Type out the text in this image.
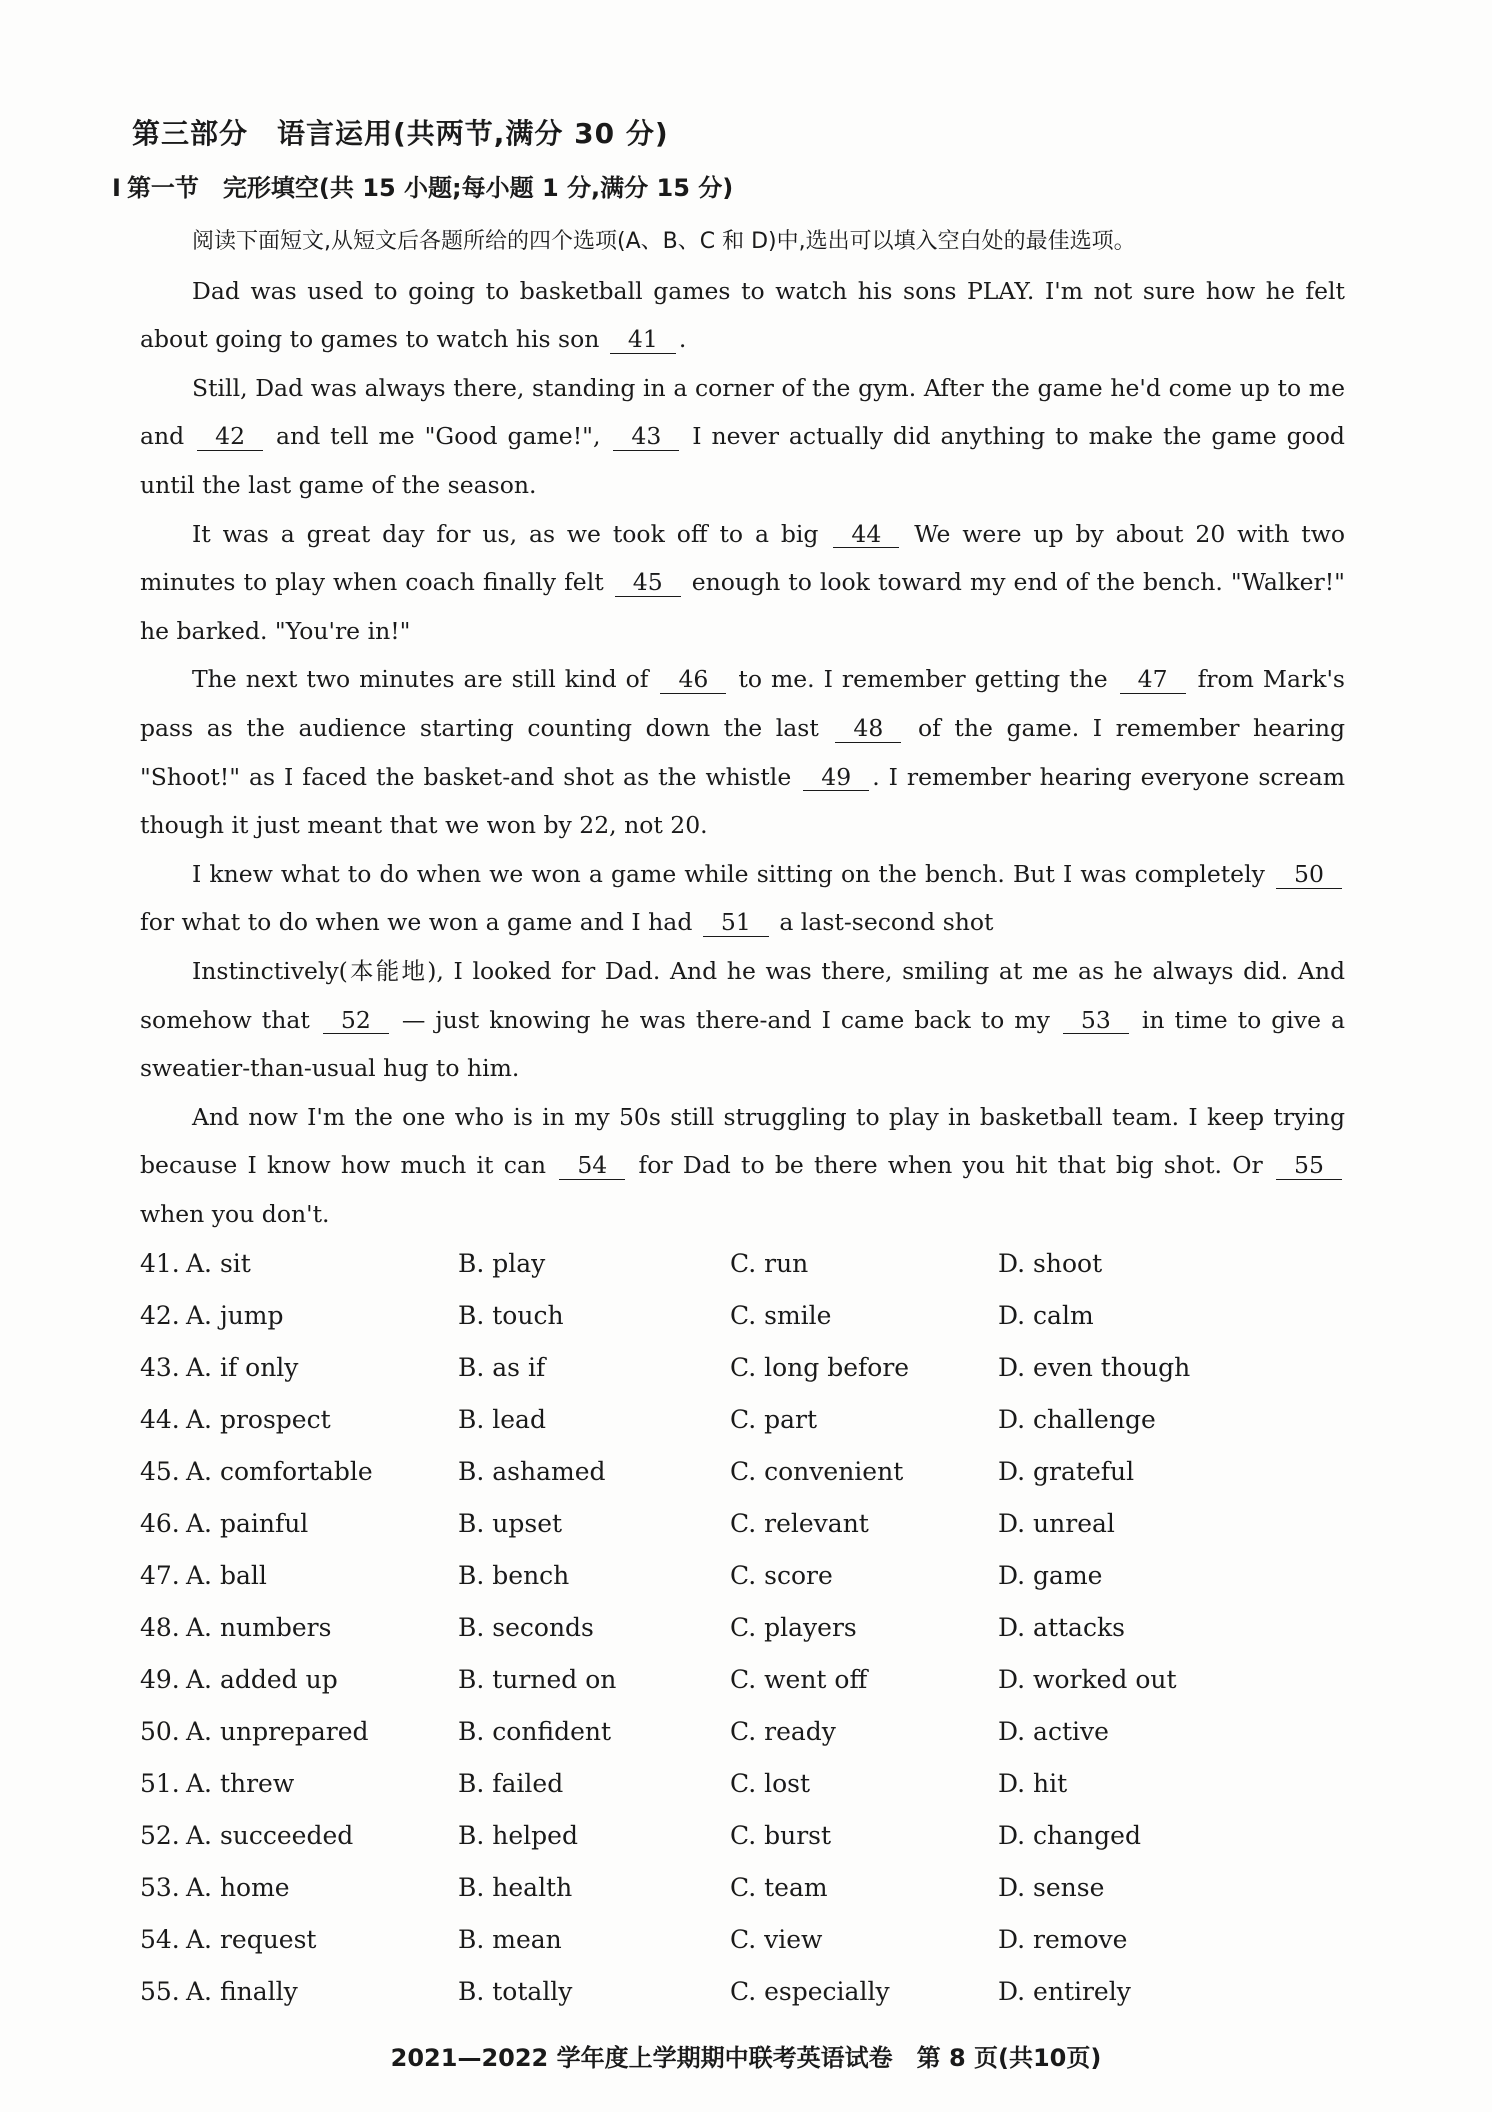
第三部分　语言运用(共两节,满分 30 分)
Ⅰ 第一节　完形填空(共 15 小题;每小题 1 分,满分 15 分)

阅读下面短文,从短文后各题所给的四个选项(A、B、C 和 D)中,选出可以填入空白处的最佳选项。

Dad was used to going to basketball games to watch his sons PLAY. I'm not sure how he felt about going to games to watch his son 41 .

Still, Dad was always there, standing in a corner of the gym. After the game he'd come up to me and 42 and tell me "Good game!", 43 I never actually did anything to make the game good until the last game of the season.

It was a great day for us, as we took off to a big 44 We were up by about 20 with two minutes to play when coach finally felt 45 enough to look toward my end of the bench. "Walker!" he barked. "You're in!"

The next two minutes are still kind of 46 to me. I remember getting the 47 from Mark's pass as the audience starting counting down the last 48 of the game. I remember hearing "Shoot!" as I faced the basket-and shot as the whistle 49 . I remember hearing everyone scream though it just meant that we won by 22, not 20.

I knew what to do when we won a game while sitting on the bench. But I was completely 50 for what to do when we won a game and I had 51 a last-second shot

Instinctively(本能地), I looked for Dad. And he was there, smiling at me as he always did. And somehow that 52 — just knowing he was there-and I came back to my 53 in time to give a sweatier-than-usual hug to him.

And now I'm the one who is in my 50s still struggling to play in basketball team. I keep trying because I know how much it can 54 for Dad to be there when you hit that big shot. Or 55 when you don't.

41. A. sit	B. play	C. run	D. shoot
42. A. jump	B. touch	C. smile	D. calm
43. A. if only	B. as if	C. long before	D. even though
44. A. prospect	B. lead	C. part	D. challenge
45. A. comfortable	B. ashamed	C. convenient	D. grateful
46. A. painful	B. upset	C. relevant	D. unreal
47. A. ball	B. bench	C. score	D. game
48. A. numbers	B. seconds	C. players	D. attacks
49. A. added up	B. turned on	C. went off	D. worked out
50. A. unprepared	B. confident	C. ready	D. active
51. A. threw	B. failed	C. lost	D. hit
52. A. succeeded	B. helped	C. burst	D. changed
53. A. home	B. health	C. team	D. sense
54. A. request	B. mean	C. view	D. remove
55. A. finally	B. totally	C. especially	D. entirely
2021—2022 学年度上学期期中联考英语试卷　第 8 页(共10页)
